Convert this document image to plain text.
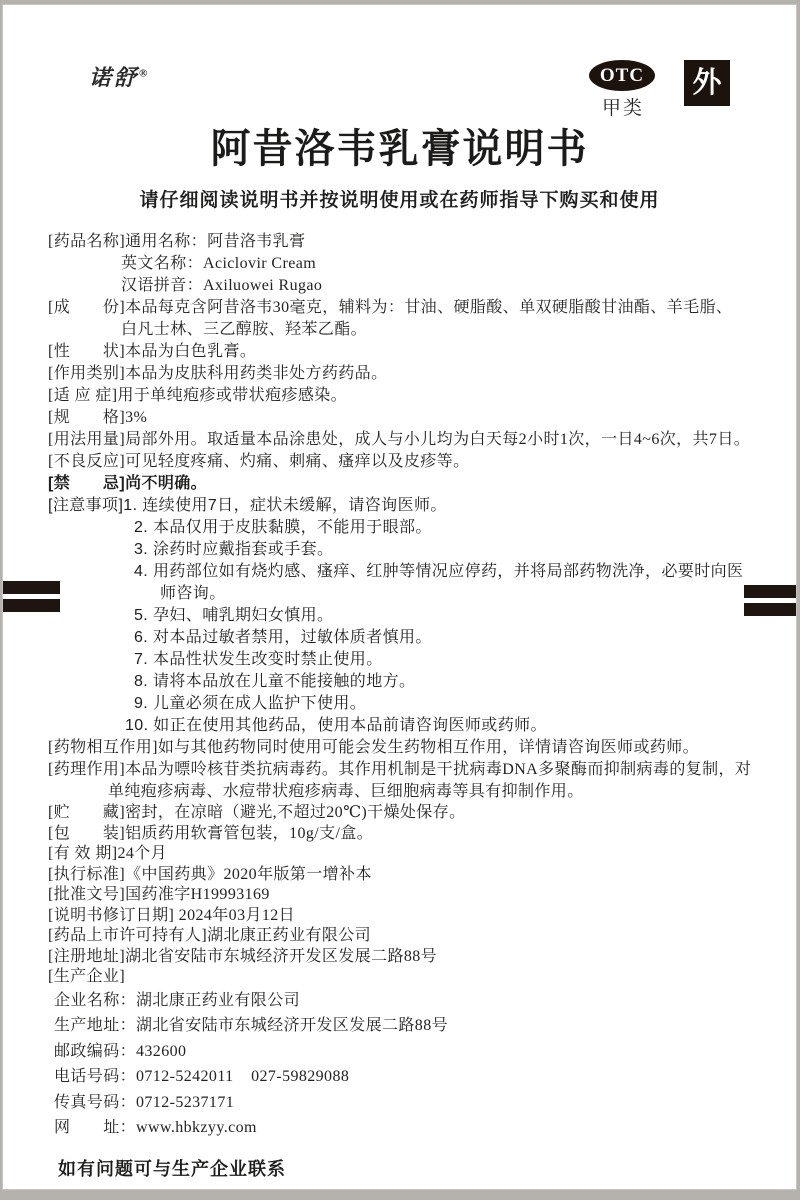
诺舒®	OTC
甲类
外
阿昔洛韦乳膏说明书
请仔细阅读说明书并按说明使用或在药师指导下购买和使用
[药品名称]通用名称：阿昔洛韦乳膏
英文名称：Aciclovir Cream
汉语拼音：Axiluowei Rugao
[成　　份]本品每克含阿昔洛韦30毫克，辅料为：甘油、硬脂酸、单双硬脂酸甘油酯、羊毛脂、
白凡士林、三乙醇胺、羟苯乙酯。
[性　　状]本品为白色乳膏。
[作用类别]本品为皮肤科用药类非处方药药品。
[适 应 症]用于单纯疱疹或带状疱疹感染。
[规　　格]3%
[用法用量]局部外用。取适量本品涂患处，成人与小儿均为白天每2小时1次，一日4~6次，共7日。
[不良反应]可见轻度疼痛、灼痛、刺痛、瘙痒以及皮疹等。
[禁　　忌]尚不明确。
[注意事项]1. 连续使用7日，症状未缓解，请咨询医师。
2. 本品仅用于皮肤黏膜，不能用于眼部。
3. 涂药时应戴指套或手套。
4. 用药部位如有烧灼感、瘙痒、红肿等情况应停药，并将局部药物洗净，必要时向医
师咨询。
5. 孕妇、哺乳期妇女慎用。
6. 对本品过敏者禁用，过敏体质者慎用。
7. 本品性状发生改变时禁止使用。
8. 请将本品放在儿童不能接触的地方。
9. 儿童必须在成人监护下使用。
10. 如正在使用其他药品，使用本品前请咨询医师或药师。
[药物相互作用]如与其他药物同时使用可能会发生药物相互作用，详情请咨询医师或药师。
[药理作用]本品为嘌呤核苷类抗病毒药。其作用机制是干扰病毒DNA多聚酶而抑制病毒的复制，对
单纯疱疹病毒、水痘带状疱疹病毒、巨细胞病毒等具有抑制作用。
[贮　　藏]密封，在凉暗（避光,不超过20℃)干燥处保存。
[包　　装]铝质药用软膏管包装，10g/支/盒。
[有 效 期]24个月
[执行标准]《中国药典》2020年版第一增补本
[批准文号]国药准字H19993169
[说明书修订日期] 2024年03月12日
[药品上市许可持有人]湖北康正药业有限公司
[注册地址]湖北省安陆市东城经济开发区发展二路88号
[生产企业]
企业名称：湖北康正药业有限公司
生产地址：湖北省安陆市东城经济开发区发展二路88号
邮政编码：432600
电话号码：0712-5242011    027-59829088
传真号码：0712-5237171
网　　址：www.hbkzyy.com
如有问题可与生产企业联系
